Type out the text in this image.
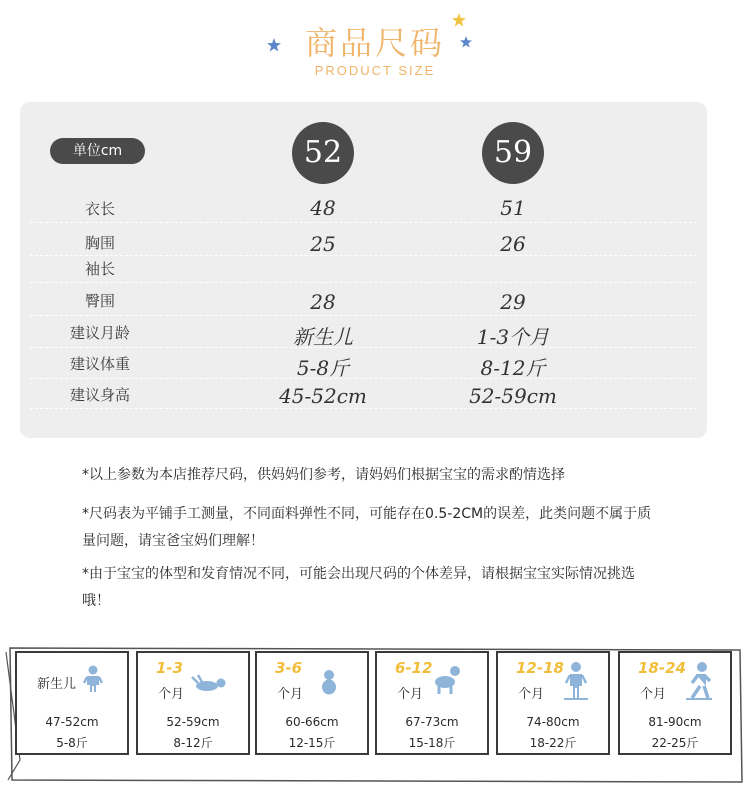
商品尺码
PRODUCT SIZE
单位cm	52	59
衣长	48	51
胸围	25	26
袖长
臀围	28	29
建议月龄	新生儿	1-3个月
建议体重	5-8斤	8-12斤
建议身高	45-52cm	52-59cm
*以上参数为本店推荐尺码，供妈妈们参考，请妈妈们根据宝宝的需求酌情选择
*尺码表为平铺手工测量，不同面料弹性不同，可能存在0.5-2CM的误差，此类问题不属于质量问题，请宝爸宝妈们理解！
*由于宝宝的体型和发育情况不同，可能会出现尺码的个体差异，请根据宝宝实际情况挑选哦！
新生儿
47-52cm
5-8斤
1-3
个月
52-59cm
8-12斤
3-6
个月
60-66cm
12-15斤
6-12
个月
67-73cm
15-18斤
12-18
个月
74-80cm
18-22斤
18-24
个月
81-90cm
22-25斤
